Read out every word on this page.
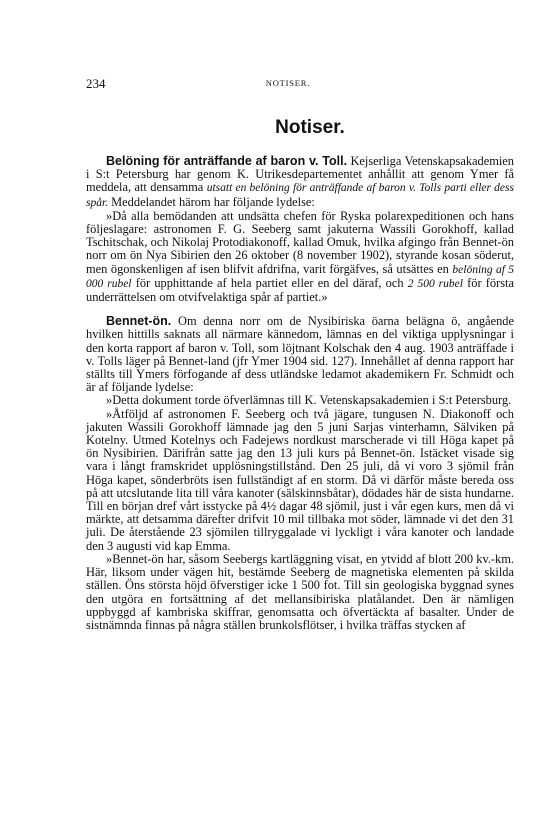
234	NOTISER.
Notiser.

Belöning för anträffande af baron v. Toll. Kejserliga Vetenskapsakademien i S:t Petersburg har genom K. Utrikesdepartementet anhållit att genom Ymer få meddela, att densamma utsatt en belöning för anträffande af baron v. Tolls parti eller dess spår. Meddelandet härom har följande lydelse:

»Då alla bemödanden att undsätta chefen för Ryska polarexpeditionen och hans följeslagare: astronomen F. G. Seeberg samt jakuterna Wassili Gorokhoff, kallad Tschitschak, och Nikolaj Protodiakonoff, kallad Omuk, hvilka afgingo från Bennet-ön norr om ön Nya Sibirien den 26 oktober (8 november 1902), styrande kosan söderut, men ögonskenligen af isen blifvit afdrifna, varit förgäfves, så utsättes en belöning af 5 000 rubel för upphittande af hela partiet eller en del däraf, och 2 500 rubel för första underrättelsen om otvifvelaktiga spår af partiet.»

Bennet-ön. Om denna norr om de Nysibiriska öarna belägna ö, angående hvilken hittills saknats all närmare kännedom, lämnas en del viktiga upplysningar i den korta rapport af baron v. Toll, som löjtnant Kolschak den 4 aug. 1903 anträffade i v. Tolls läger på Bennet-land (jfr Ymer 1904 sid. 127). Innehållet af denna rapport har ställts till Ymers förfogande af dess utländske ledamot akademikern Fr. Schmidt och är af följande lydelse:

»Detta dokument torde öfverlämnas till K. Vetenskapsakademien i S:t Petersburg.

»Åtföljd af astronomen F. Seeberg och två jägare, tungusen N. Diakonoff och jakuten Wassili Gorokhoff lämnade jag den 5 juni Sarjas vinterhamn, Sälviken på Kotelny. Utmed Kotelnys och Fadejews nordkust marscherade vi till Höga kapet på ön Nysibirien. Därifrån satte jag den 13 juli kurs på Bennet-ön. Istäcket visade sig vara i långt framskridet upplösningstillstånd. Den 25 juli, då vi voro 3 sjömil från Höga kapet, sönderbröts isen fullständigt af en storm. Då vi därför måste bereda oss på att utcslutande lita till våra kanoter (sälskinnsbåtar), dödades här de sista hundarne. Till en början dref vårt isstycke på 4½ dagar 48 sjömil, just i vår egen kurs, men då vi märkte, att detsamma därefter drifvit 10 mil tillbaka mot söder, lämnade vi det den 31 juli. De återstående 23 sjömilen tillryggalade vi lyckligt i våra kanoter och landade den 3 augusti vid kap Emma.

»Bennet-ön har, såsom Seebergs kartläggning visat, en ytvidd af blott 200 kv.-km. Här, liksom under vägen hit, bestämde Seeberg de magnetiska elementen på skilda ställen. Öns största höjd öfverstiger icke 1 500 fot. Till sin geologiska byggnad synes den utgöra en fortsättning af det mellansibiriska platålandet. Den är nämligen uppbyggd af kambriska skiffrar, genomsatta och öfvertäckta af basalter. Under de sistnämnda finnas på några ställen brunkolsflötser, i hvilka träffas stycken af
